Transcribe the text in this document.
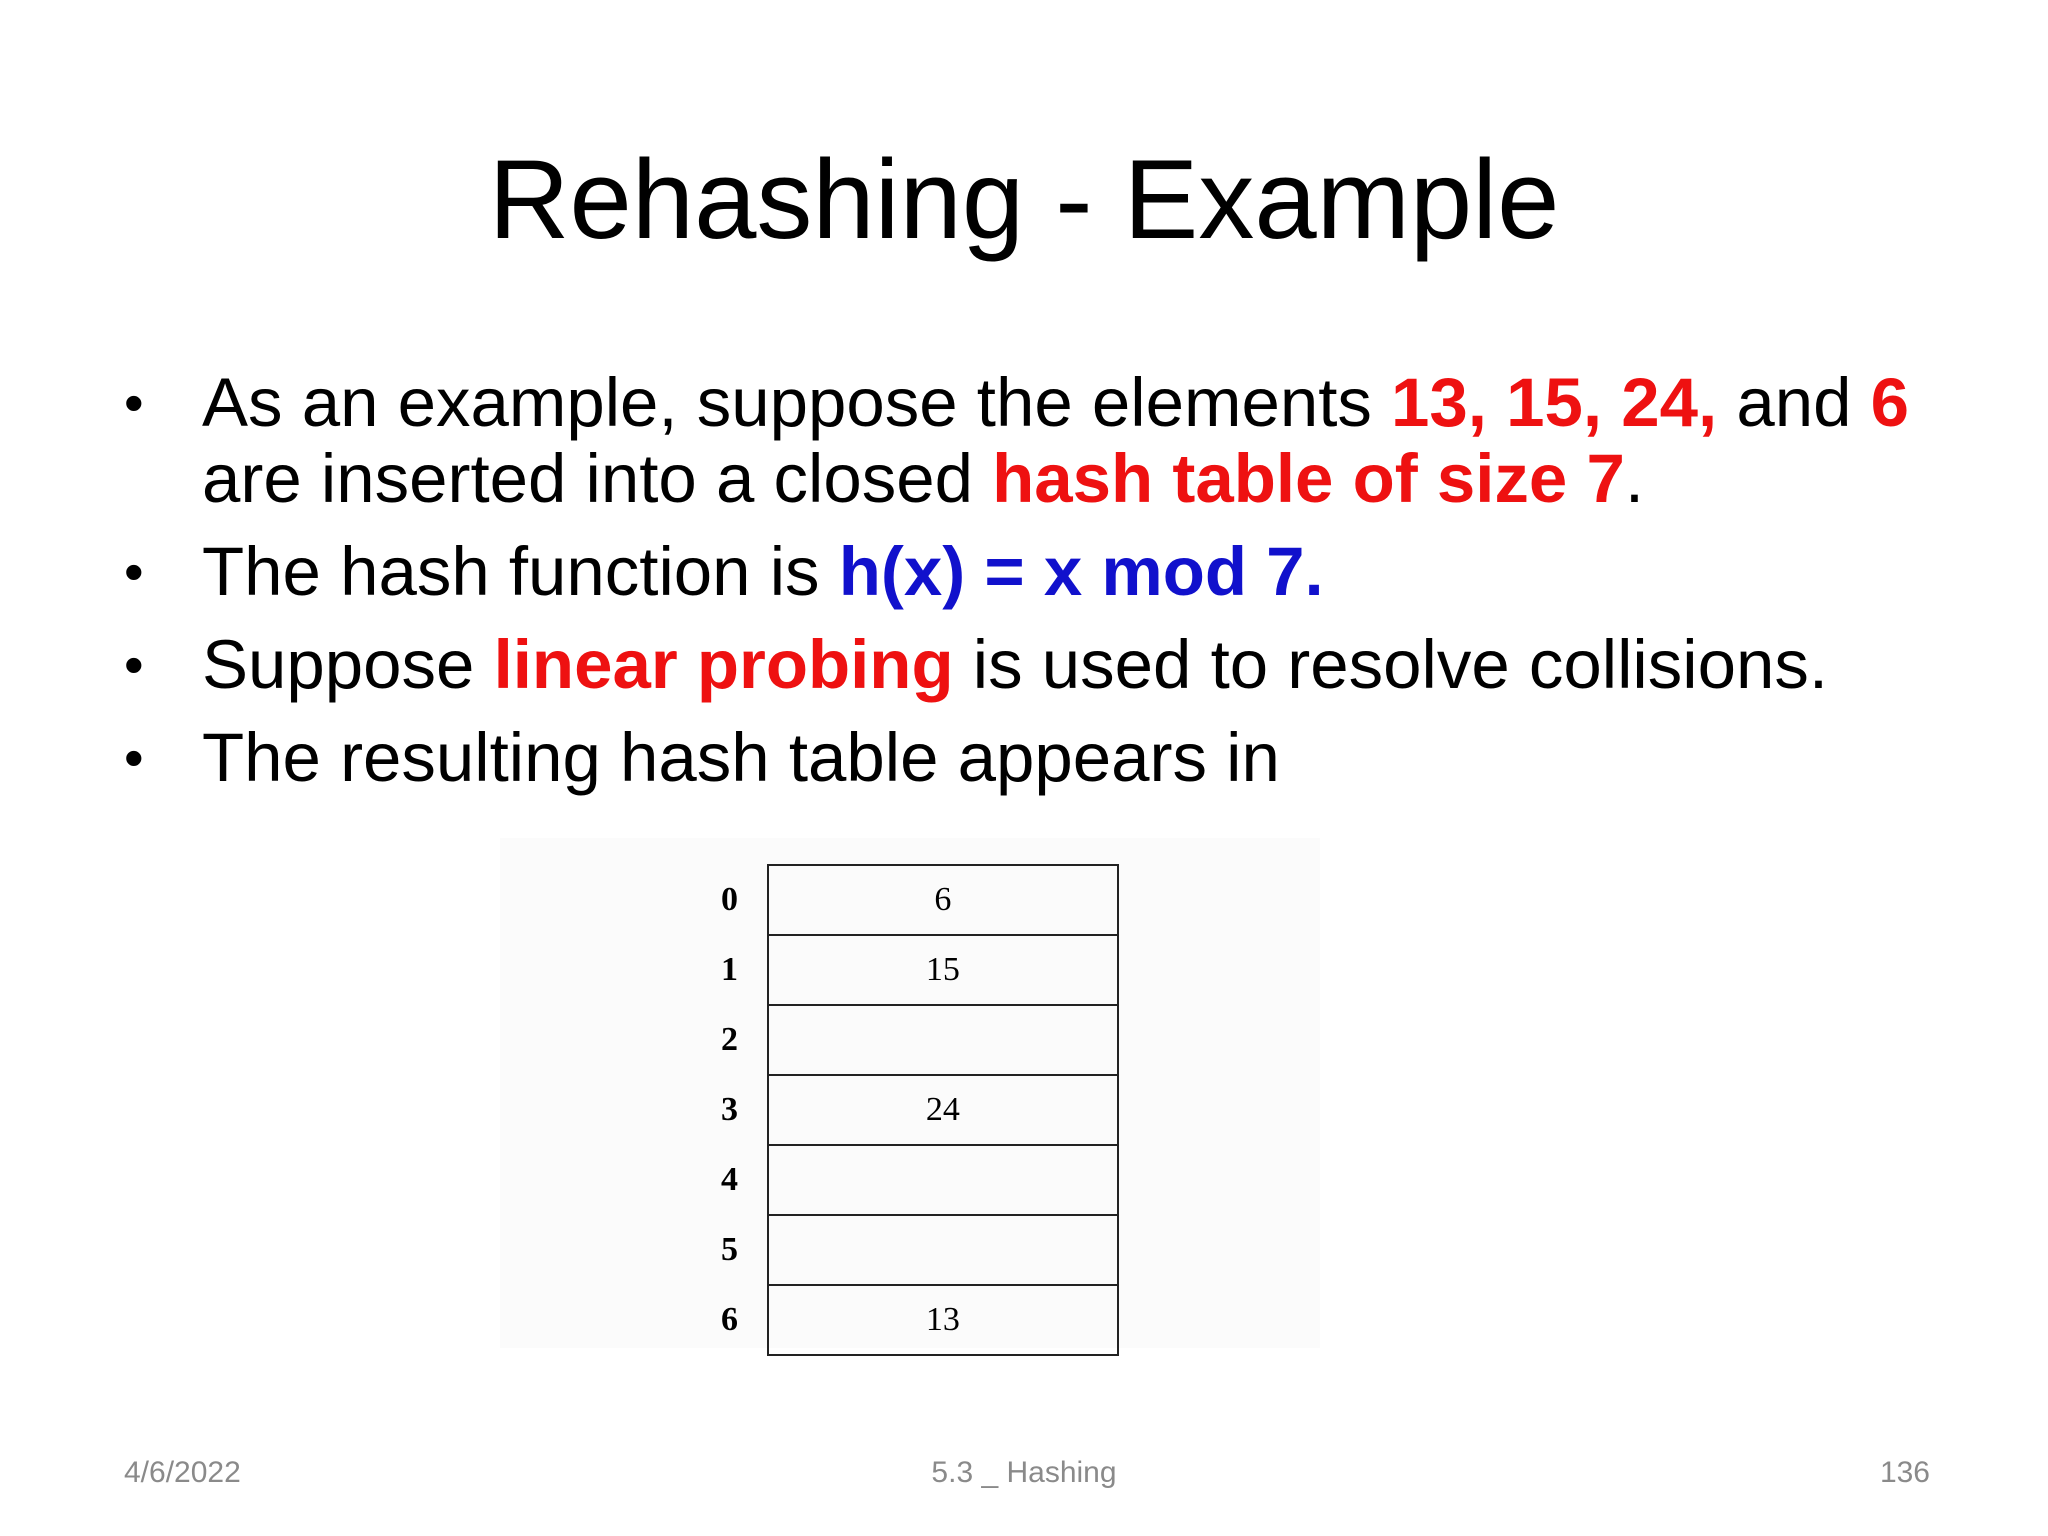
Rehashing - Example
• As an example, suppose the elements 13, 15, 24, and 6 are inserted into a closed hash table of size 7.
• The hash function is h(x) = x mod 7.
• Suppose linear probing is used to resolve collisions.
• The resulting hash table appears in
0	6
1	15
2	
3	24
4	
5	
6	13
4/6/2022	5.3 _ Hashing	136
